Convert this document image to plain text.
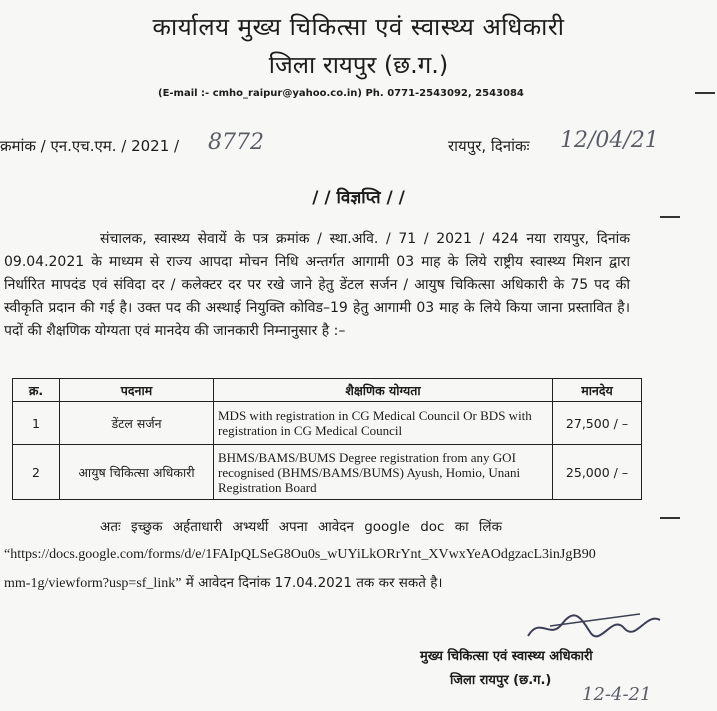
कार्यालय मुख्य चिकित्सा एवं स्वास्थ्य अधिकारी
जिला रायपुर (छ.ग.)
(E-mail :- cmho_raipur@yahoo.co.in) Ph. 0771-2543092, 2543084
क्रमांक / एन.एच.एम. / 2021 / 8772	रायपुर, दिनांकः 12/04/21
/ / विज्ञप्ति / /

संचालक, स्वास्थ्य सेवायें के पत्र क्रमांक / स्था.अवि. / 71 / 2021 / 424 नया रायपुर, दिनांक 09.04.2021 के माध्यम से राज्य आपदा मोचन निधि अन्तर्गत आगामी 03 माह के लिये राष्ट्रीय स्वास्थ्य मिशन द्वारा निर्धारित मापदंड एवं संविदा दर / कलेक्टर दर पर रखे जाने हेतु डेंटल सर्जन / आयुष चिकित्सा अधिकारी के 75 पद की स्वीकृति प्रदान की गई है। उक्त पद की अस्थाई नियुक्ति कोविड–19 हेतु आगामी 03 माह के लिये किया जाना प्रस्तावित है। पदों की शैक्षणिक योग्यता एवं मानदेय की जानकारी निम्नानुसार है :–

क्र.	पदनाम	शैक्षणिक योग्यता	मानदेय
1	डेंटल सर्जन	MDS with registration in CG Medical Council Or BDS with registration in CG Medical Council	27,500 / –
2	आयुष चिकित्सा अधिकारी	BHMS/BAMS/BUMS Degree registration from any GOI recognised (BHMS/BAMS/BUMS) Ayush, Homio, Unani Registration Board	25,000 / –
अतः इच्छुक अर्हताधारी अभ्यर्थी अपना आवेदन google doc का लिंक
“https://docs.google.com/forms/d/e/1FAIpQLSeG8Ou0s_wUYiLkORrYnt_XVwxYeAOdgzacL3inJgB90
mm-1g/viewform?usp=sf_link” में आवेदन दिनांक 17.04.2021 तक कर सकते है।
मुख्य चिकित्सा एवं स्वास्थ्य अधिकारी
जिला रायपुर (छ.ग.)
12-4-21
